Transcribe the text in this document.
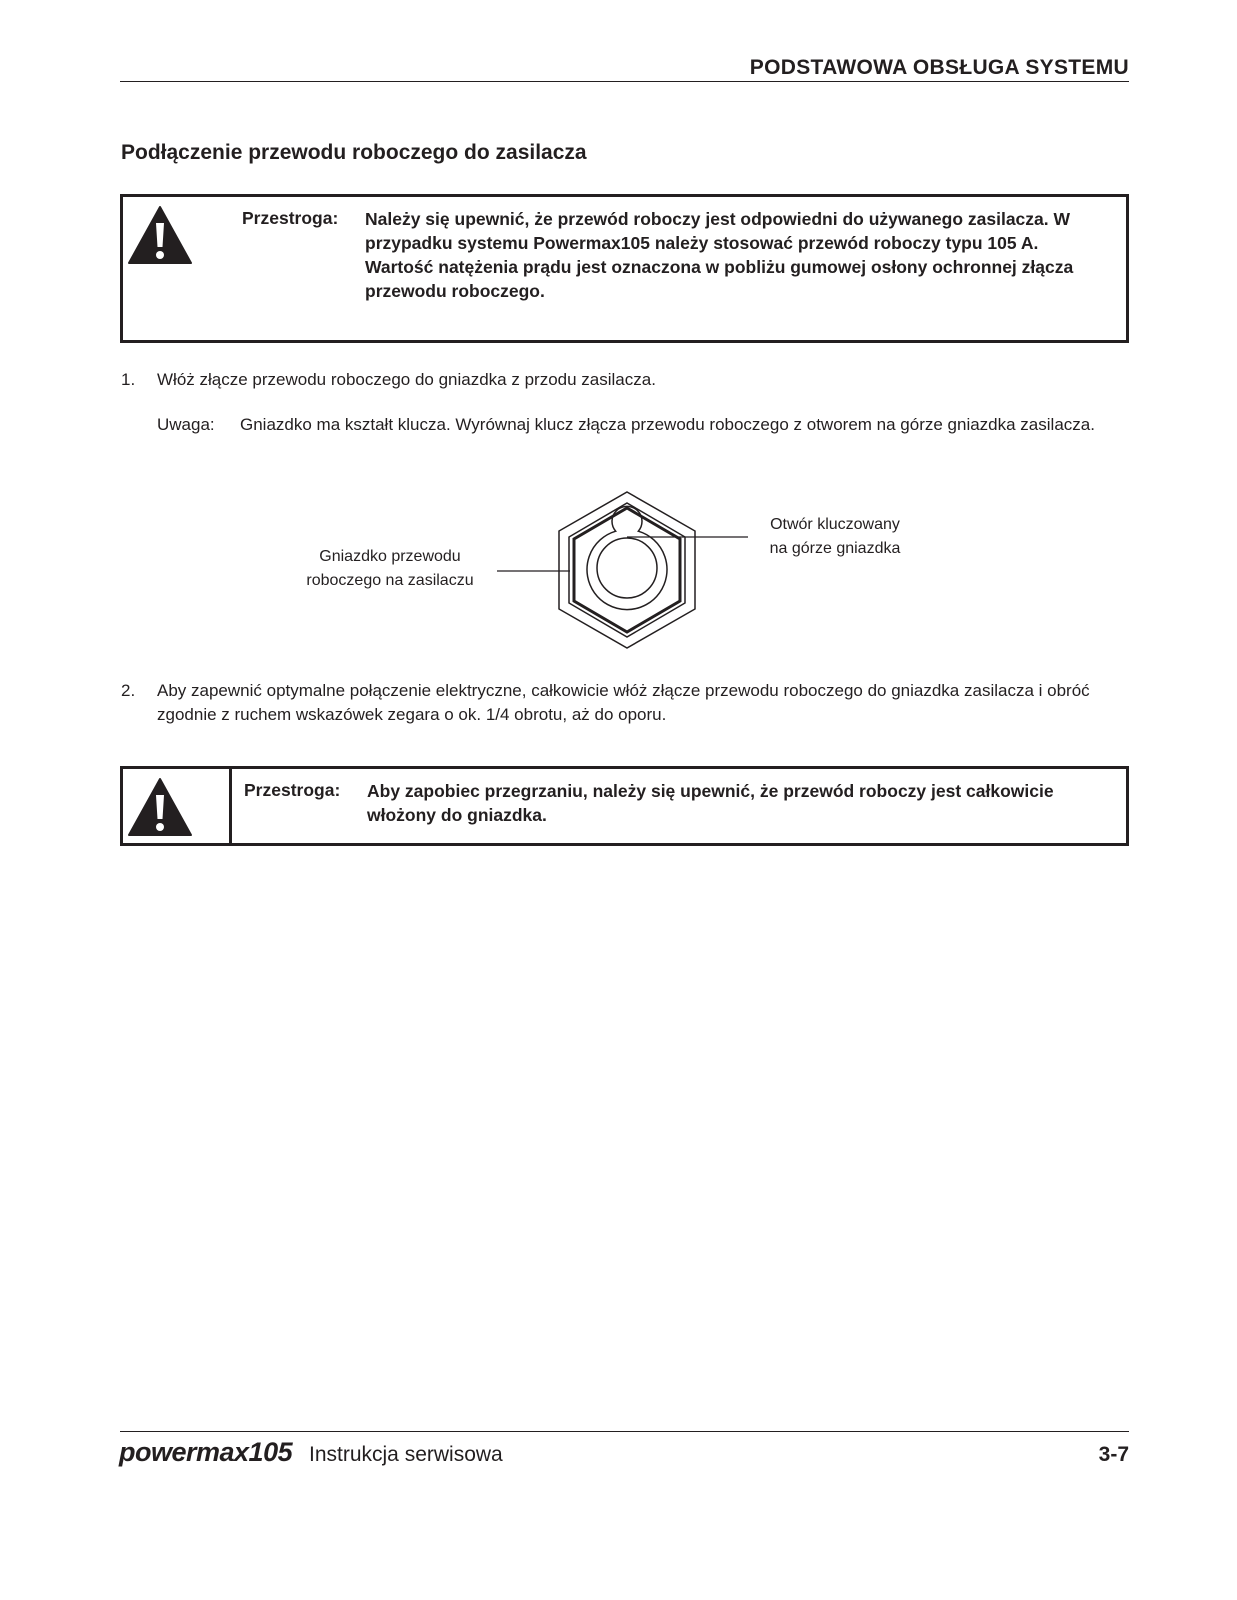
PODSTAWOWA OBSŁUGA SYSTEMU
Podłączenie przewodu roboczego do zasilacza
Przestroga: Należy się upewnić, że przewód roboczy jest odpowiedni do używanego zasilacza. W przypadku systemu Powermax105 należy stosować przewód roboczy typu 105 A. Wartość natężenia prądu jest oznaczona w pobliżu gumowej osłony ochronnej złącza przewodu roboczego.
1. Włóż złącze przewodu roboczego do gniazdka z przodu zasilacza.
Uwaga: Gniazdko ma kształt klucza. Wyrównaj klucz złącza przewodu roboczego z otworem na górze gniazdka zasilacza.
Gniazdko przewodu
roboczego na zasilaczu
Otwór kluczowany
na górze gniazdka
2. Aby zapewnić optymalne połączenie elektryczne, całkowicie włóż złącze przewodu roboczego do gniazdka zasilacza i obróć zgodnie z ruchem wskazówek zegara o ok. 1/4 obrotu, aż do oporu.
Przestroga: Aby zapobiec przegrzaniu, należy się upewnić, że przewód roboczy jest całkowicie włożony do gniazdka.
powermax105 Instrukcja serwisowa	3-7
